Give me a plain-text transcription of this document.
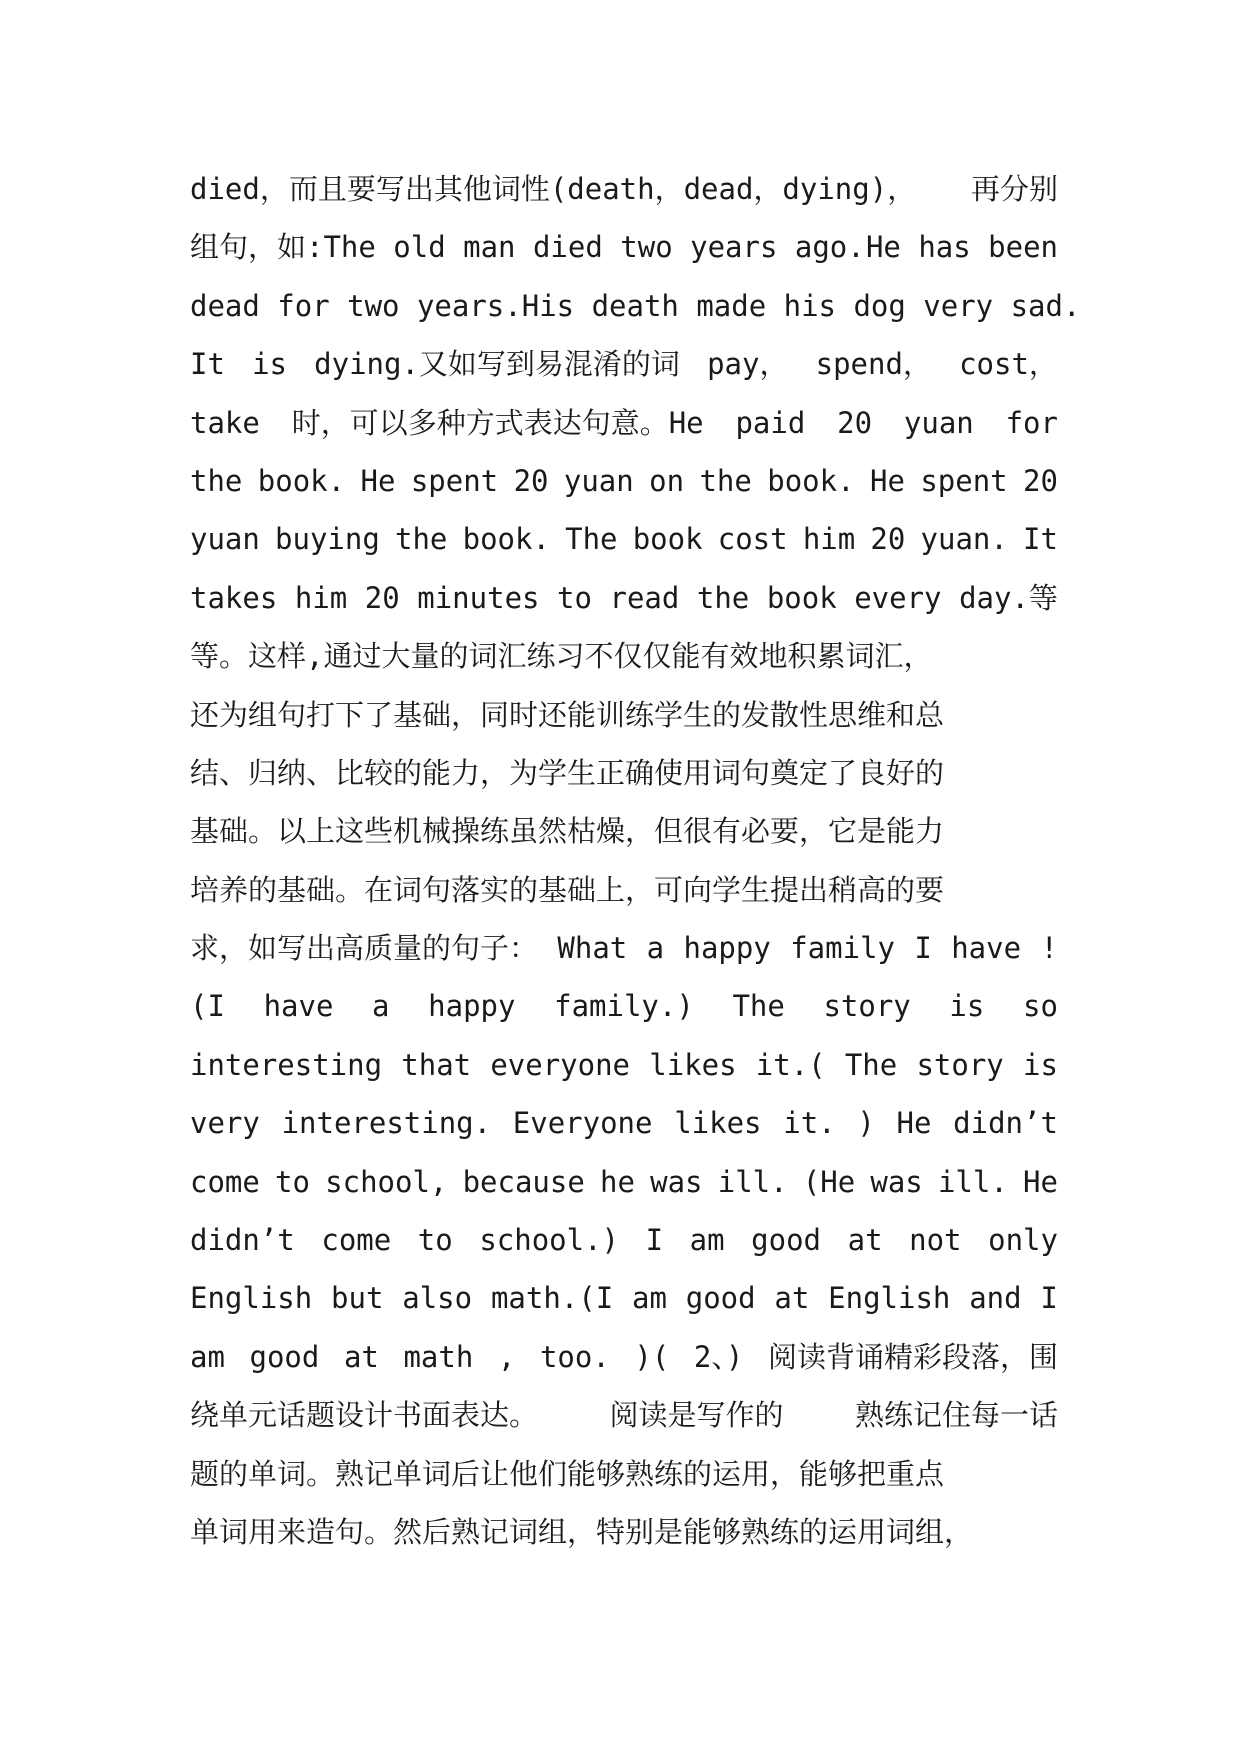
died，而且要写出其他词性(death，dead，dying)， 再分别
组句，如:The old man died two years ago. He has been
dead for two years. His death made his dog very sad.
It is dying.又如写到易混淆的词 pay， spend， cost，
take 时，可以多种方式表达句意。He paid 20 yuan for
the book. He spent 20 yuan on the book. He spent 20
yuan buying the book. The book cost him 20 yuan. It
takes him 20 minutes to read the book every day.等
等。这样,通过大量的词汇练习不仅仅能有效地积累词汇，
还为组句打下了基础，同时还能训练学生的发散性思维和总
结、归纳、比较的能力，为学生正确使用词句奠定了良好的
基础。以上这些机械操练虽然枯燥，但很有必要，它是能力
培养的基础。在词句落实的基础上，可向学生提出稍高的要
求，如写出高质量的句子： What a happy family I have !
(I have a happy family.) The story is so
interesting that everyone likes it.( The story is
very interesting. Everyone likes it. ) He didn’t
come to school, because he was ill. (He was ill. He
didn’t come to school.) I am good at not only
English but also math.(I am good at English and I
am good at math , too. )( 2、) 阅读背诵精彩段落，围
绕单元话题设计书面表达。 阅读是写作的 熟练记住每一话
题的单词。熟记单词后让他们能够熟练的运用，能够把重点
单词用来造句。然后熟记词组，特别是能够熟练的运用词组，
